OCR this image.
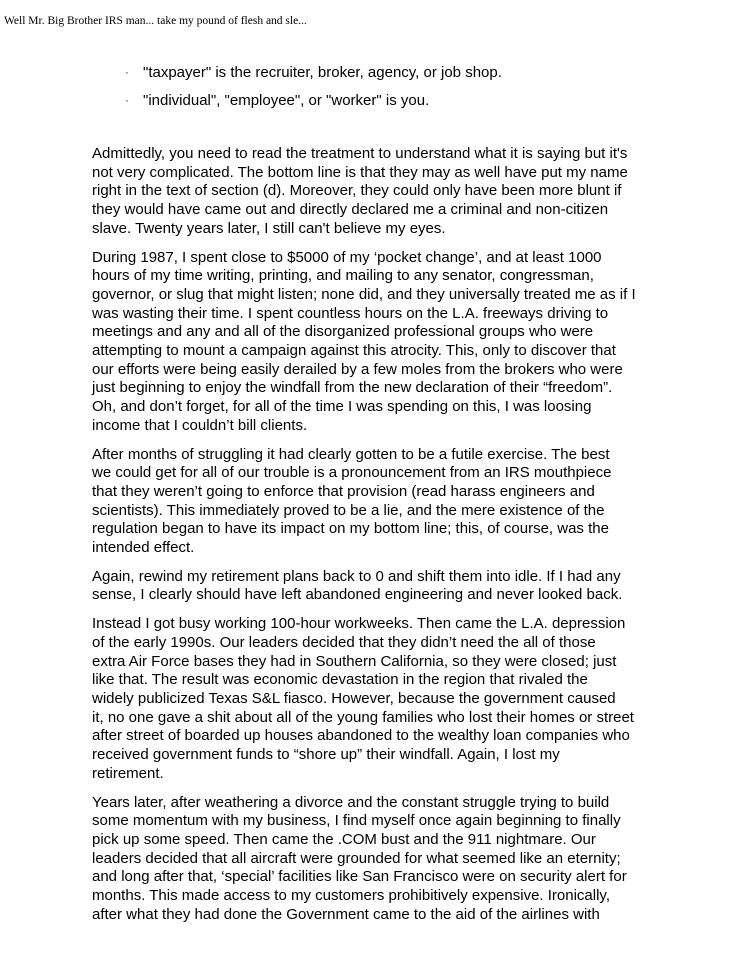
Well Mr. Big Brother IRS man... take my pound of flesh and sle...
· "taxpayer" is the recruiter, broker, agency, or job shop.
· "individual", "employee", or "worker" is you.

Admittedly, you need to read the treatment to understand what it is saying but it's
not very complicated. The bottom line is that they may as well have put my name
right in the text of section (d). Moreover, they could only have been more blunt if
they would have came out and directly declared me a criminal and non-citizen
slave. Twenty years later, I still can't believe my eyes.

During 1987, I spent close to $5000 of my ‘pocket change’, and at least 1000
hours of my time writing, printing, and mailing to any senator, congressman,
governor, or slug that might listen; none did, and they universally treated me as if I
was wasting their time. I spent countless hours on the L.A. freeways driving to
meetings and any and all of the disorganized professional groups who were
attempting to mount a campaign against this atrocity. This, only to discover that
our efforts were being easily derailed by a few moles from the brokers who were
just beginning to enjoy the windfall from the new declaration of their “freedom”.
Oh, and don’t forget, for all of the time I was spending on this, I was loosing
income that I couldn’t bill clients.

After months of struggling it had clearly gotten to be a futile exercise. The best
we could get for all of our trouble is a pronouncement from an IRS mouthpiece
that they weren’t going to enforce that provision (read harass engineers and
scientists). This immediately proved to be a lie, and the mere existence of the
regulation began to have its impact on my bottom line; this, of course, was the
intended effect.

Again, rewind my retirement plans back to 0 and shift them into idle. If I had any
sense, I clearly should have left abandoned engineering and never looked back.

Instead I got busy working 100-hour workweeks. Then came the L.A. depression
of the early 1990s. Our leaders decided that they didn’t need the all of those
extra Air Force bases they had in Southern California, so they were closed; just
like that. The result was economic devastation in the region that rivaled the
widely publicized Texas S&L fiasco. However, because the government caused
it, no one gave a shit about all of the young families who lost their homes or street
after street of boarded up houses abandoned to the wealthy loan companies who
received government funds to “shore up” their windfall. Again, I lost my
retirement.

Years later, after weathering a divorce and the constant struggle trying to build
some momentum with my business, I find myself once again beginning to finally
pick up some speed. Then came the .COM bust and the 911 nightmare. Our
leaders decided that all aircraft were grounded for what seemed like an eternity;
and long after that, ‘special’ facilities like San Francisco were on security alert for
months. This made access to my customers prohibitively expensive. Ironically,
after what they had done the Government came to the aid of the airlines with
